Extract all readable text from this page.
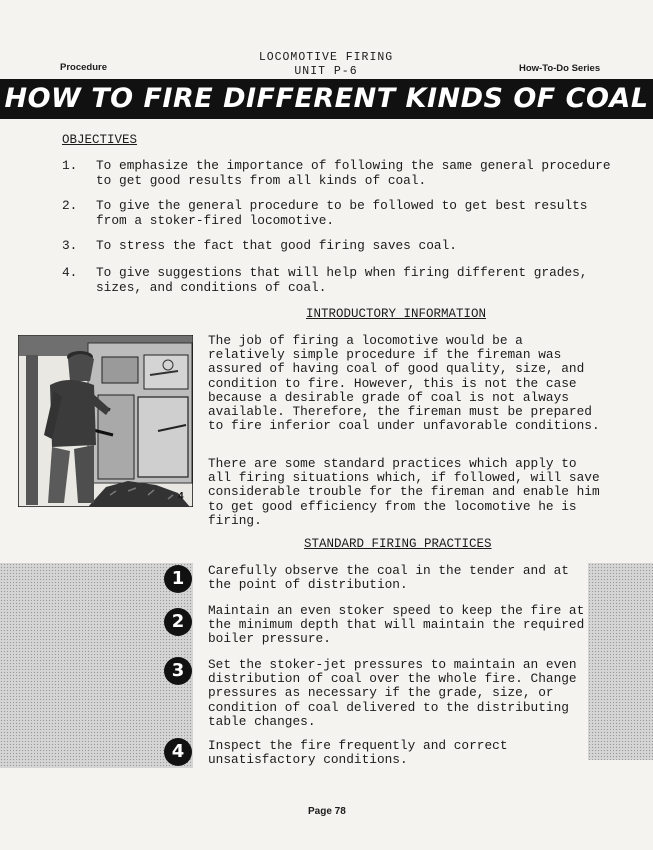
Procedure
LOCOMOTIVE FIRING
UNIT P-6	How-To-Do Series
HOW TO FIRE DIFFERENT KINDS OF COAL
OBJECTIVES
1. To emphasize the importance of following the same general procedure to get good results from all kinds of coal.
2. To give the general procedure to be followed to get best results from a stoker-fired locomotive.
3. To stress the fact that good firing saves coal.
4. To give suggestions that will help when firing different grades, sizes, and conditions of coal.
INTRODUCTORY INFORMATION
4
The job of firing a locomotive would be a relatively simple procedure if the fireman was assured of having coal of good quality, size, and condition to fire. However, this is not the case because a desirable grade of coal is not always available. Therefore, the fireman must be prepared to fire inferior coal under unfavorable conditions.
There are some standard practices which apply to all firing situations which, if followed, will save considerable trouble for the fireman and enable him to get good efficiency from the locomotive he is firing.
STANDARD FIRING PRACTICES
1	Carefully observe the coal in the tender and at the point of distribution.
2
Maintain an even stoker speed to keep the fire at the minimum depth that will maintain the required boiler pressure.
3	Set the stoker-jet pressures to maintain an even distribution of coal over the whole fire. Change pressures as necessary if the grade, size, or condition of coal delivered to the distributing table changes.
4	Inspect the fire frequently and correct unsatisfactory conditions.
Page 78
